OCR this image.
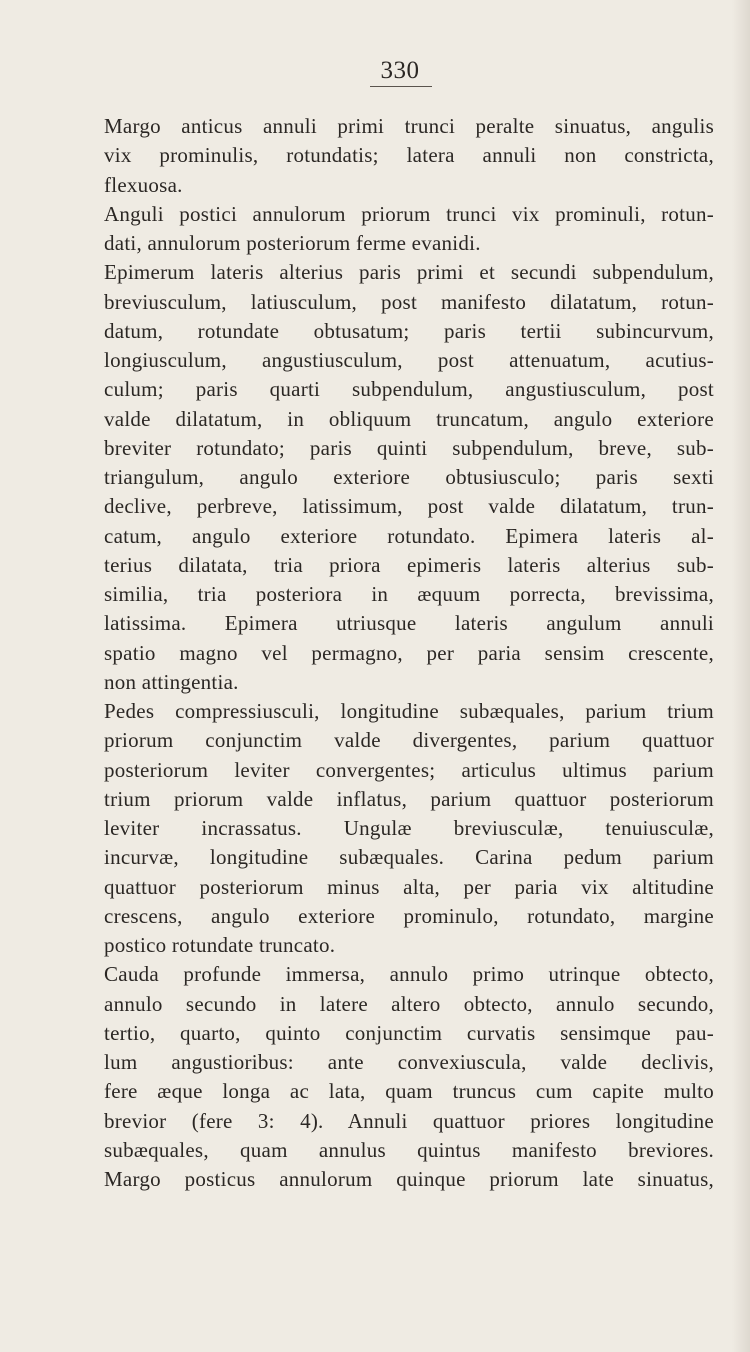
330

Margo anticus annuli primi trunci peralte sinuatus, angulis
vix prominulis, rotundatis; latera annuli non constricta,
flexuosa.

Anguli postici annulorum priorum trunci vix prominuli, rotun-
dati, annulorum posteriorum ferme evanidi.

Epimerum lateris alterius paris primi et secundi subpendulum,
breviusculum, latiusculum, post manifesto dilatatum, rotun-
datum, rotundate obtusatum; paris tertii subincurvum,
longiusculum, angustiusculum, post attenuatum, acutius-
culum; paris quarti subpendulum, angustiusculum, post
valde dilatatum, in obliquum truncatum, angulo exteriore
breviter rotundato; paris quinti subpendulum, breve, sub-
triangulum, angulo exteriore obtusiusculo; paris sexti
declive, perbreve, latissimum, post valde dilatatum, trun-
catum, angulo exteriore rotundato. Epimera lateris al-
terius dilatata, tria priora epimeris lateris alterius sub-
similia, tria posteriora in æquum porrecta, brevissima,
latissima. Epimera utriusque lateris angulum annuli
spatio magno vel permagno, per paria sensim crescente,
non attingentia.

Pedes compressiusculi, longitudine subæquales, parium trium
priorum conjunctim valde divergentes, parium quattuor
posteriorum leviter convergentes; articulus ultimus parium
trium priorum valde inflatus, parium quattuor posteriorum
leviter incrassatus. Ungulæ breviusculæ, tenuiusculæ,
incurvæ, longitudine subæquales. Carina pedum parium
quattuor posteriorum minus alta, per paria vix altitudine
crescens, angulo exteriore prominulo, rotundato, margine
postico rotundate truncato.

Cauda profunde immersa, annulo primo utrinque obtecto,
annulo secundo in latere altero obtecto, annulo secundo,
tertio, quarto, quinto conjunctim curvatis sensimque pau-
lum angustioribus: ante convexiuscula, valde declivis,
fere æque longa ac lata, quam truncus cum capite multo
brevior (fere 3: 4). Annuli quattuor priores longitudine
subæquales, quam annulus quintus manifesto breviores.
Margo posticus annulorum quinque priorum late sinuatus,
